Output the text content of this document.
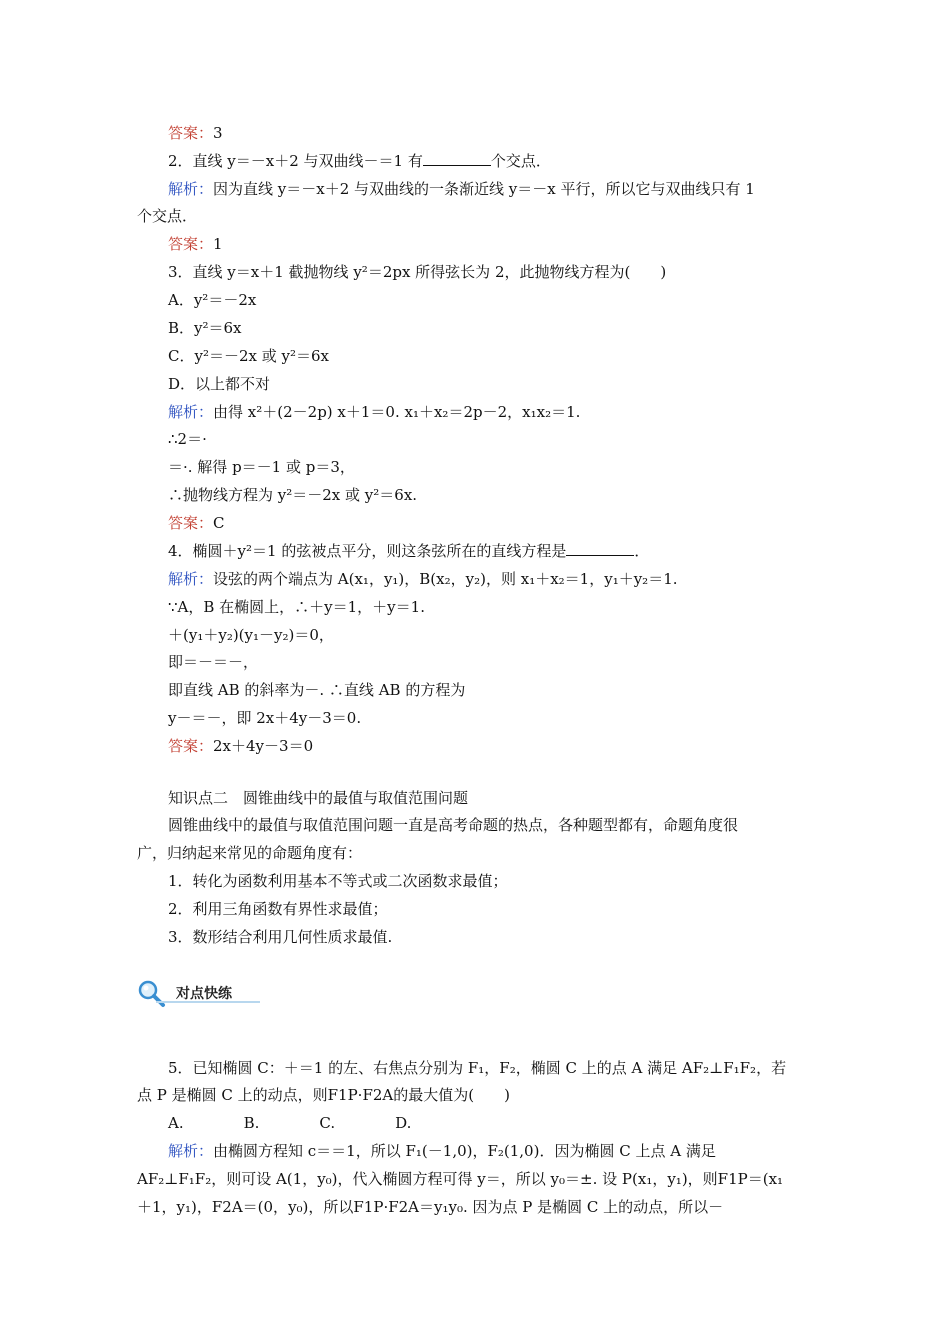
答案：3
2．直线 y＝－x＋2 与双曲线－＝1 有	个交点．
解析：因为直线 y＝－x＋2 与双曲线的一条渐近线 y＝－x 平行，所以它与双曲线只有 1
个交点．
答案：1
3．直线 y＝x＋1 截抛物线 y²＝2px 所得弦长为 2，此抛物线方程为(　　)
A．y²＝－2x
B．y²＝6x
C．y²＝－2x 或 y²＝6x
D．以上都不对
解析：由得 x²＋(2－2p) x＋1＝0. x₁＋x₂＝2p－2，x₁x₂＝1.
∴2＝·
＝·. 解得 p＝－1 或 p＝3，
∴抛物线方程为 y²＝－2x 或 y²＝6x.
答案：C
4．椭圆＋y²＝1 的弦被点平分，则这条弦所在的直线方程是	．
解析：设弦的两个端点为 A(x₁，y₁)，B(x₂，y₂)，则 x₁＋x₂＝1，y₁＋y₂＝1.
∵A，B 在椭圆上，∴＋y＝1，＋y＝1.
＋(y₁＋y₂)(y₁－y₂)＝0，
即＝－＝－，
即直线 AB 的斜率为－. ∴直线 AB 的方程为
y－＝－，即 2x＋4y－3＝0.
答案：2x＋4y－3＝0
知识点二　圆锥曲线中的最值与取值范围问题
圆锥曲线中的最值与取值范围问题一直是高考命题的热点，各种题型都有，命题角度很
广，归纳起来常见的命题角度有：
1．转化为函数利用基本不等式或二次函数求最值；
2．利用三角函数有界性求最值；
3．数形结合利用几何性质求最值.
对点快练
5．已知椭圆 C：＋＝1 的左、右焦点分别为 F₁，F₂，椭圆 C 上的点 A 满足 AF₂⊥F₁F₂，若
点 P 是椭圆 C 上的动点，则F1P·F2A的最大值为(　　)
A.　　　　B.　　　　C.　　　　D.
解析：由椭圆方程知 c＝＝1，所以 F₁(－1,0)，F₂(1,0)．因为椭圆 C 上点 A 满足
AF₂⊥F₁F₂，则可设 A(1，y₀)，代入椭圆方程可得 y＝，所以 y₀＝±. 设 P(x₁，y₁)，则F1P＝(x₁
＋1，y₁)，F2A＝(0，y₀)，所以F1P·F2A＝y₁y₀. 因为点 P 是椭圆 C 上的动点，所以－
